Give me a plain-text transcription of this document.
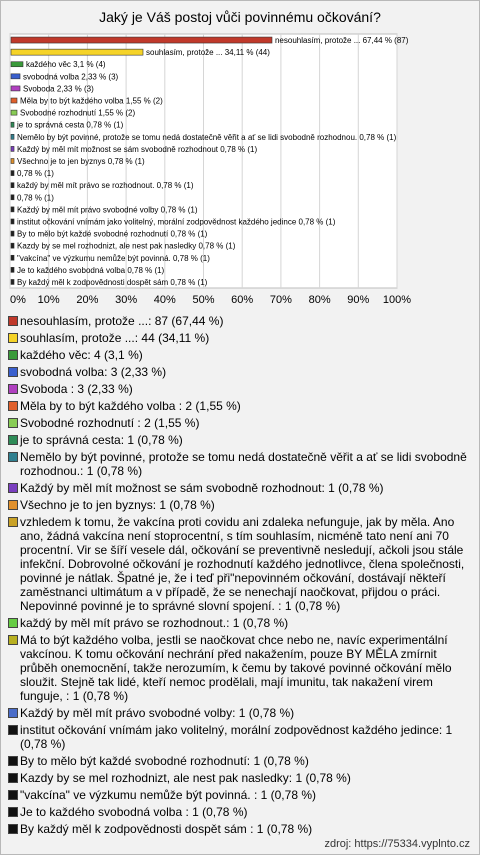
Jaký je Váš postoj vůči povinnému očkování?
0% 10% 20% 30% 40% 50% 60% 70% 80% 90% 100%
nesouhlasím, protože ... 67,44 % (87)
souhlasím, protože ... 34,11 % (44)
každého věc 3,1 % (4)
svobodná volba 2,33 % (3)
Svoboda 2,33 % (3)
Měla by to být každého volba 1,55 % (2)
Svobodné rozhodnutí 1,55 % (2)
je to správná cesta 0,78 % (1)
Nemělo by být povinné, protože se tomu nedá dostatečně věřit a ať se lidi svobodně rozhodnou. 0,78 % (1)
Každý by měl mít možnost se sám svobodně rozhodnout 0,78 % (1)
Všechno je to jen byznys 0,78 % (1)
0,78 % (1)
každý by měl mít právo se rozhodnout. 0,78 % (1)
0,78 % (1)
Každý by měl mít právo svobodné volby 0,78 % (1)
institut očkování vnímám jako volitelný, morální zodpovědnost každého jedince 0,78 % (1)
By to mělo být každé svobodné rozhodnutí 0,78 % (1)
Kazdy by se mel rozhodnizt, ale nest pak nasledky 0,78 % (1)
"vakcína" ve výzkumu nemůže být povinná. 0,78 % (1)
Je to každého svobodná volba 0,78 % (1)
By každý měl k zodpovědnosti dospět sám 0,78 % (1)
nesouhlasím, protože ...: 87 (67,44 %)
souhlasím, protože ...: 44 (34,11 %)
každého věc: 4 (3,1 %)
svobodná volba: 3 (2,33 %)
Svoboda : 3 (2,33 %)
Měla by to být každého volba : 2 (1,55 %)
Svobodné rozhodnutí : 2 (1,55 %)
je to správná cesta: 1 (0,78 %)
Nemělo by být povinné, protože se tomu nedá dostatečně věřit a ať se lidi svobodně rozhodnou.: 1 (0,78 %)
Každý by měl mít možnost se sám svobodně rozhodnout: 1 (0,78 %)
Všechno je to jen byznys: 1 (0,78 %)
vzhledem k tomu, že vakcína proti covidu ani zdaleka nefunguje, jak by měla. Ano ano, žádná vakcína není stoprocentní, s tím souhlasím, nicméně tato není ani 70 procentní. Vir se šíří vesele dál, očkování se preventivně nesledují, ačkoli jsou stále infekční. Dobrovolné očkování je rozhodnutí každého jednotlivce, člena společnosti, povinné je nátlak. Špatné je, že i teď při"nepovinném očkování, dostávají někteří zaměstnanci ultimátum a v případě, že se nenechají naočkovat, přijdou o práci. Nepovinné povinné je to správné slovní spojení. : 1 (0,78 %)
každý by měl mít právo se rozhodnout.: 1 (0,78 %)
Má to být každého volba, jestli se naočkovat chce nebo ne, navíc experimentální vakcínou. K tomu očkování nechrání před nakažením, pouze BY MĚLA zmírnit průběh onemocnění, takže nerozumím, k čemu by takové povinné očkování mělo sloužit. Stejně tak lidé, kteří nemoc prodělali, mají imunitu, tak nakažení virem funguje, : 1 (0,78 %)
Každý by měl mít právo svobodné volby: 1 (0,78 %)
institut očkování vnímám jako volitelný, morální zodpovědnost každého jedince: 1 (0,78 %)
By to mělo být každé svobodné rozhodnutí: 1 (0,78 %)
Kazdy by se mel rozhodnizt, ale nest pak nasledky: 1 (0,78 %)
"vakcína" ve výzkumu nemůže být povinná. : 1 (0,78 %)
Je to každého svobodná volba : 1 (0,78 %)
By každý měl k zodpovědnosti dospět sám : 1 (0,78 %)
zdroj: https://75334.vyplnto.cz
